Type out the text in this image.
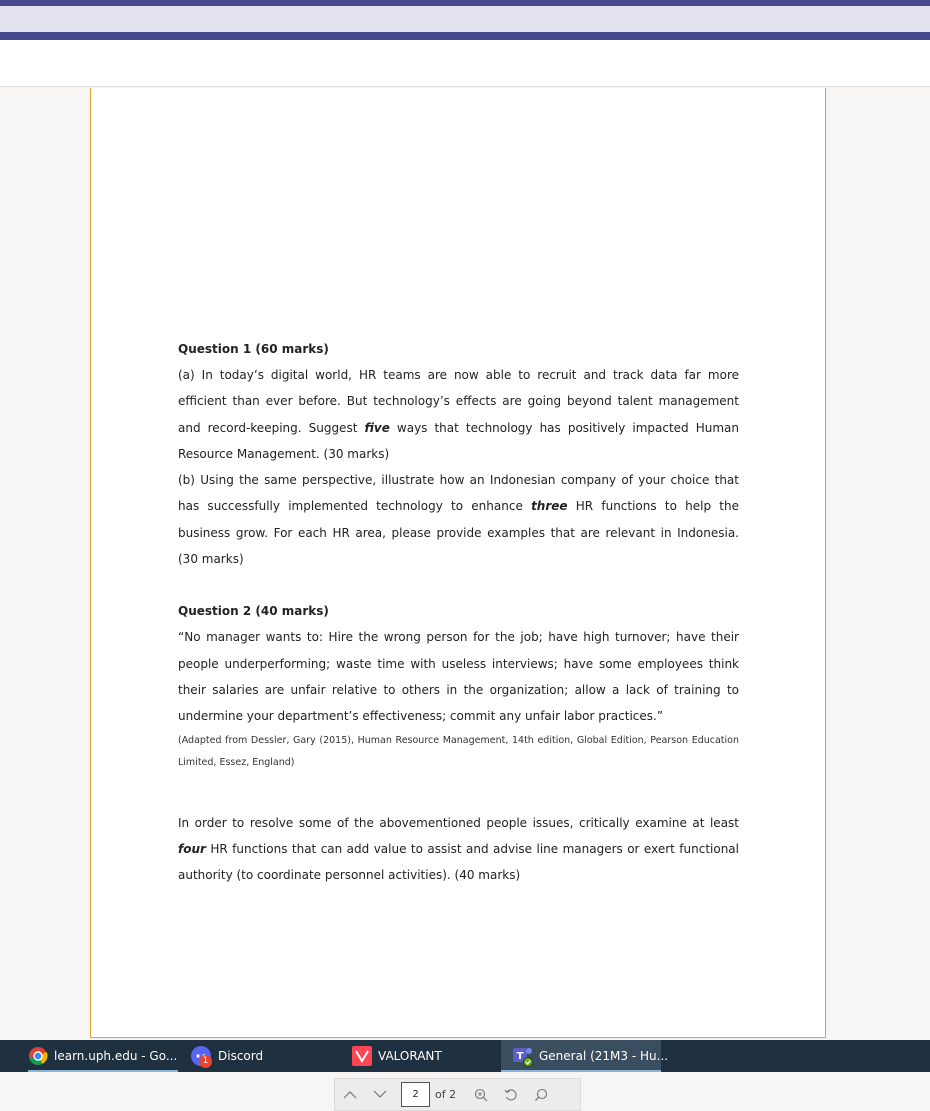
Question 1 (60 marks)
(a) In today’s digital world, HR teams are now able to recruit and track data far more efficient than ever before. But technology’s effects are going beyond talent management and record-keeping. Suggest five ways that technology has positively impacted Human Resource Management. (30 marks)
(b) Using the same perspective, illustrate how an Indonesian company of your choice that has successfully implemented technology to enhance three HR functions to help the business grow. For each HR area, please provide examples that are relevant in Indonesia. (30 marks)
Question 2 (40 marks)
“No manager wants to: Hire the wrong person for the job; have high turnover; have their people underperforming; waste time with useless interviews; have some employees think their salaries are unfair relative to others in the organization; allow a lack of training to undermine your department’s effectiveness; commit any unfair labor practices.”
(Adapted from Dessler, Gary (2015), Human Resource Management, 14th edition, Global Edition, Pearson Education Limited, Essez, England)
In order to resolve some of the abovementioned people issues, critically examine at least four HR functions that can add value to assist and advise line managers or exert functional authority (to coordinate personnel activities). (40 marks)
2	of 2
learn.uph.edu - Go...	1 Discord	VALORANT	T General (21M3 - Hu...
